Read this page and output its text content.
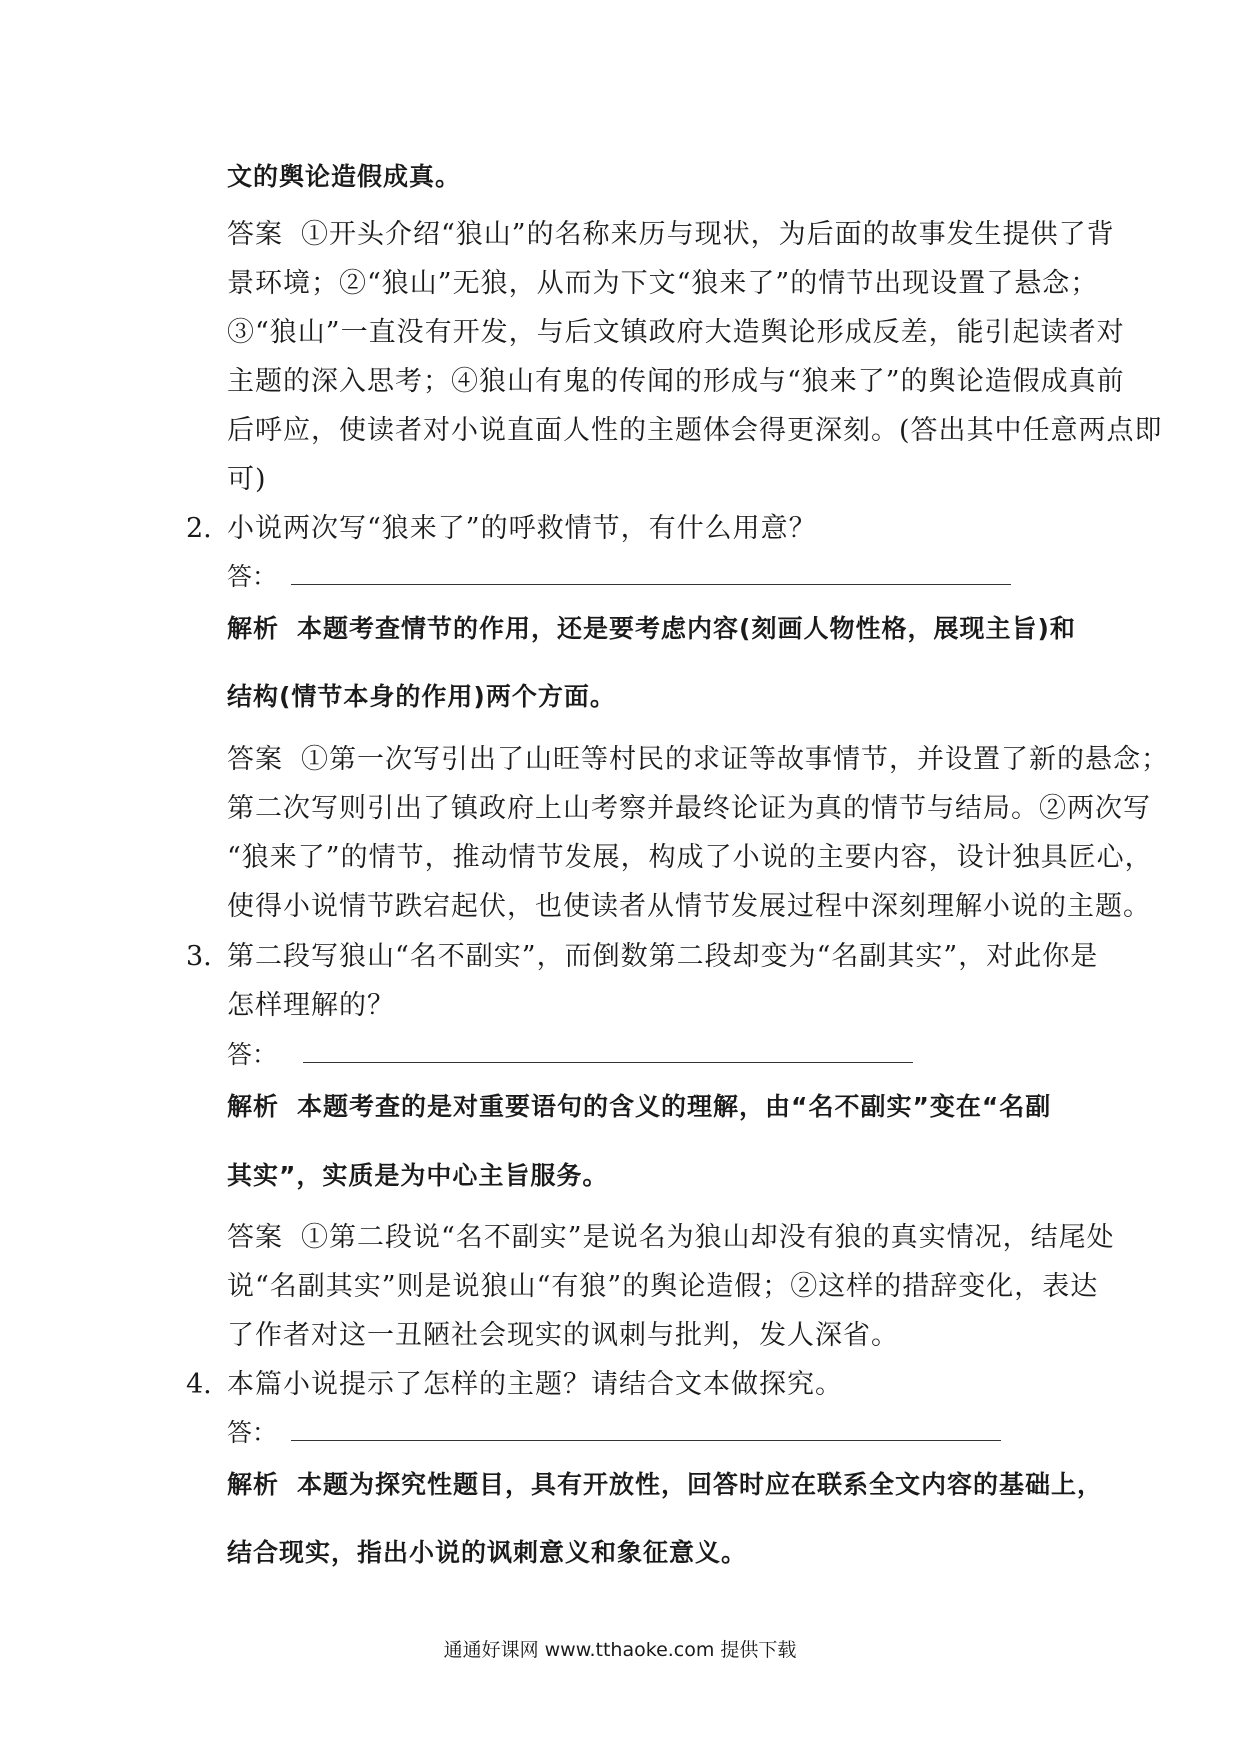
文的舆论造假成真。
答案 ①开头介绍“狼山”的名称来历与现状，为后面的故事发生提供了背
景环境；②“狼山”无狼，从而为下文“狼来了”的情节出现设置了悬念；
③“狼山”一直没有开发，与后文镇政府大造舆论形成反差，能引起读者对
主题的深入思考；④狼山有鬼的传闻的形成与“狼来了”的舆论造假成真前
后呼应，使读者对小说直面人性的主题体会得更深刻。(答出其中任意两点即
可)
2. 小说两次写“狼来了”的呼救情节，有什么用意？
答：
解析 本题考查情节的作用，还是要考虑内容(刻画人物性格，展现主旨)和
结构(情节本身的作用)两个方面。
答案 ①第一次写引出了山旺等村民的求证等故事情节，并设置了新的悬念；
第二次写则引出了镇政府上山考察并最终论证为真的情节与结局。②两次写
“狼来了”的情节，推动情节发展，构成了小说的主要内容，设计独具匠心，
使得小说情节跌宕起伏，也使读者从情节发展过程中深刻理解小说的主题。
3. 第二段写狼山“名不副实”，而倒数第二段却变为“名副其实”，对此你是
怎样理解的？
答：
解析 本题考查的是对重要语句的含义的理解，由“名不副实”变在“名副
其实”，实质是为中心主旨服务。
答案 ①第二段说“名不副实”是说名为狼山却没有狼的真实情况，结尾处
说“名副其实”则是说狼山“有狼”的舆论造假；②这样的措辞变化，表达
了作者对这一丑陋社会现实的讽刺与批判，发人深省。
4. 本篇小说提示了怎样的主题？请结合文本做探究。
答：
解析 本题为探究性题目，具有开放性，回答时应在联系全文内容的基础上，
结合现实，指出小说的讽刺意义和象征意义。
通通好课网 www.tthaoke.com 提供下载
